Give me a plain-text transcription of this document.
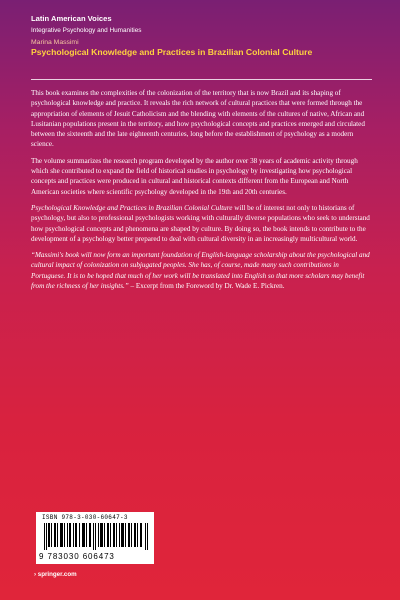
Latin American Voices
Integrative Psychology and Humanities
Marina Massimi
Psychological Knowledge and Practices in Brazilian Colonial Culture

This book examines the complexities of the colonization of the territory that is now Brazil and its shaping of psychological knowledge and practice. It reveals the rich network of cultural practices that were formed through the appropriation of elements of Jesuit Catholicism and the blending with elements of the cultures of native, African and Lusitanian populations present in the territory, and how psychological concepts and practices emerged and circulated between the sixteenth and the late eighteenth centuries, long before the establishment of psychology as a modern science.

The volume summarizes the research program developed by the author over 38 years of academic activity through which she contributed to expand the field of historical studies in psychology by investigating how psychological concepts and practices were produced in cultural and historical contexts different from the European and North American societies where scientific psychology developed in the 19th and 20th centuries.

Psychological Knowledge and Practices in Brazilian Colonial Culture will be of interest not only to historians of psychology, but also to professional psychologists working with culturally diverse populations who seek to understand how psychological concepts and phenomena are shaped by culture. By doing so, the book intends to contribute to the development of a psychology better prepared to deal with cultural diversity in an increasingly multicultural world.

“Massimi's book will now form an important foundation of English-language scholarship about the psychological and cultural impact of colonization on subjugated peoples. She has, of course, made many such contributions in Portuguese. It is to be hoped that much of her work will be translated into English so that more scholars may benefit from the richness of her insights.” – Excerpt from the Foreword by Dr. Wade E. Pickren.

ISBN 978-3-030-60647-3
9 783030 606473
› springer.com
